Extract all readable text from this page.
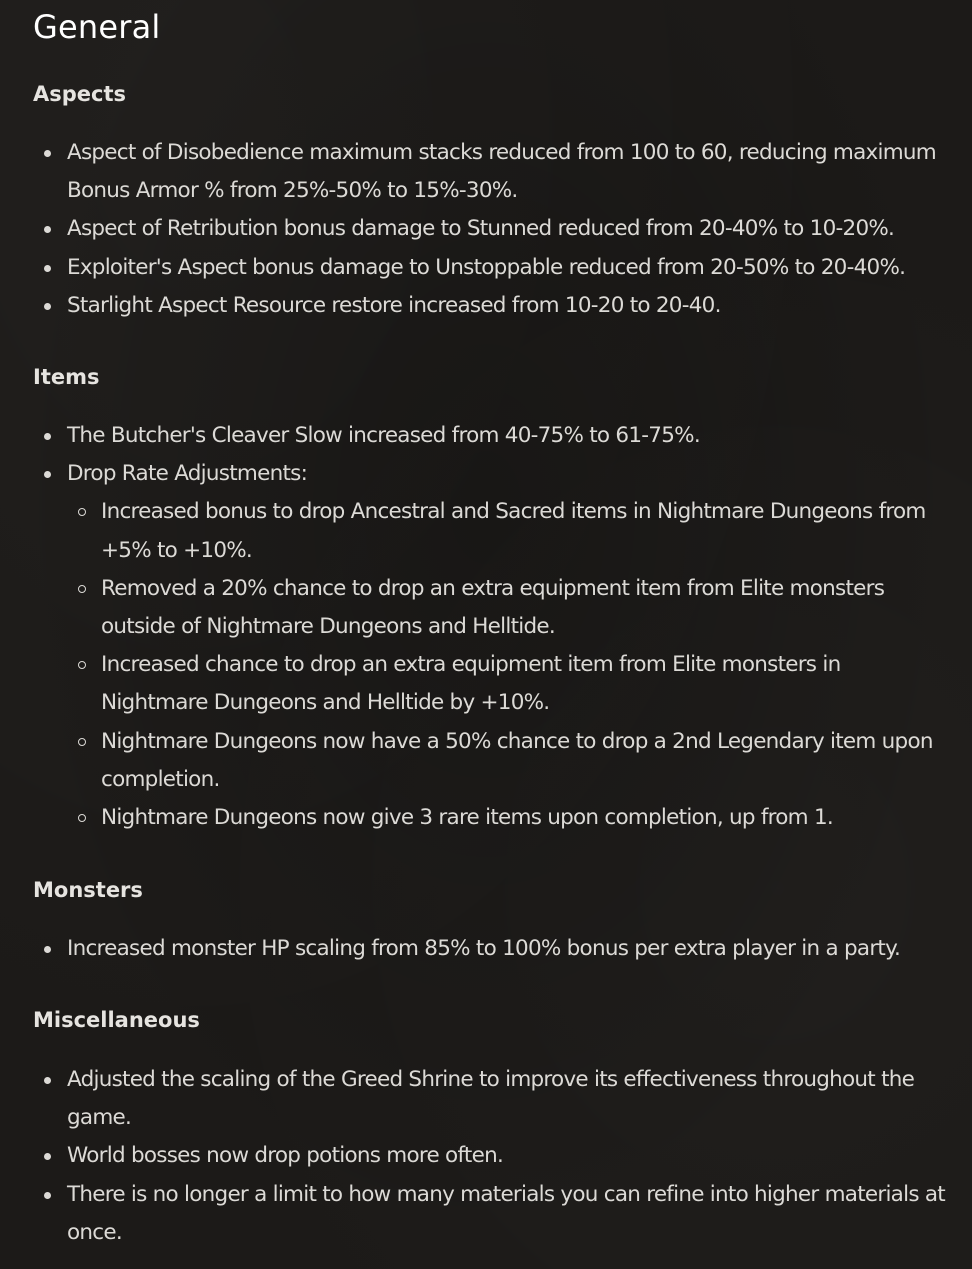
General
Aspects
Aspect of Disobedience maximum stacks reduced from 100 to 60, reducing maximum Bonus Armor % from 25%-50% to 15%-30%.
Aspect of Retribution bonus damage to Stunned reduced from 20-40% to 10-20%.
Exploiter's Aspect bonus damage to Unstoppable reduced from 20-50% to 20-40%.
Starlight Aspect Resource restore increased from 10-20 to 20-40.
Items
The Butcher's Cleaver Slow increased from 40-75% to 61-75%.
Drop Rate Adjustments:
Increased bonus to drop Ancestral and Sacred items in Nightmare Dungeons from +5% to +10%.
Removed a 20% chance to drop an extra equipment item from Elite monsters outside of Nightmare Dungeons and Helltide.
Increased chance to drop an extra equipment item from Elite monsters in Nightmare Dungeons and Helltide by +10%.
Nightmare Dungeons now have a 50% chance to drop a 2nd Legendary item upon completion.
Nightmare Dungeons now give 3 rare items upon completion, up from 1.
Monsters
Increased monster HP scaling from 85% to 100% bonus per extra player in a party.
Miscellaneous
Adjusted the scaling of the Greed Shrine to improve its effectiveness throughout the game.
World bosses now drop potions more often.
There is no longer a limit to how many materials you can refine into higher materials at once.
